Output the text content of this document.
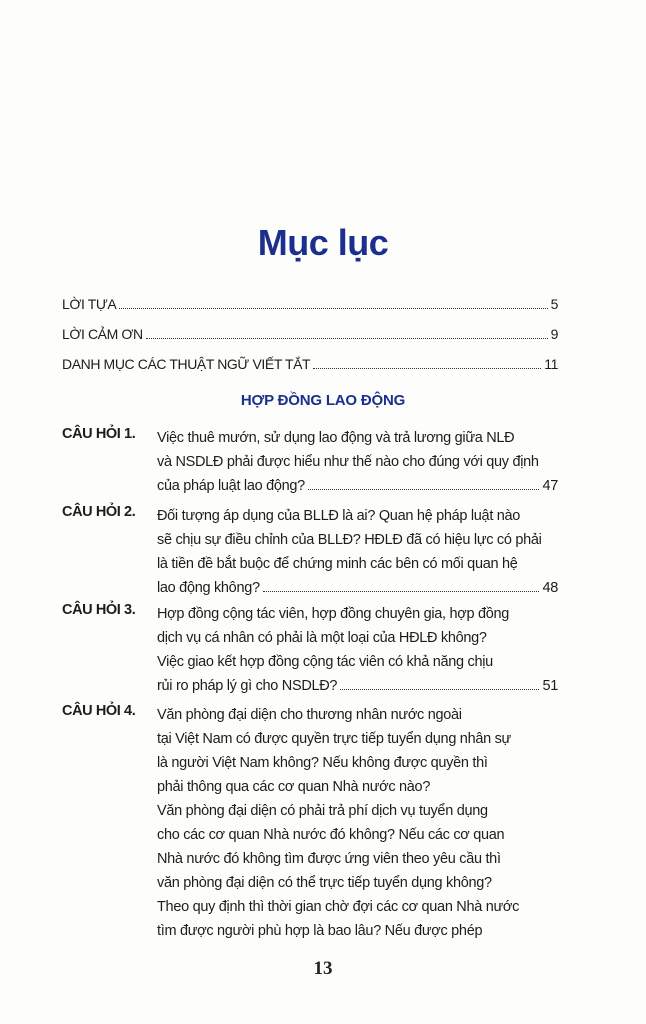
Mục lục
LỜI TỰA	5
LỜI CẢM ƠN	9
DANH MỤC CÁC THUẬT NGỮ VIẾT TẮT	11
HỢP ĐỒNG LAO ĐỘNG
CÂU HỎI 1. Việc thuê mướn, sử dụng lao động và trả lương giữa NLĐ
và NSDLĐ phải được hiểu như thế nào cho đúng với quy định
của pháp luật lao động?	47
CÂU HỎI 2. Đối tượng áp dụng của BLLĐ là ai? Quan hệ pháp luật nào
sẽ chịu sự điều chỉnh của BLLĐ? HĐLĐ đã có hiệu lực có phải
là tiền đề bắt buộc để chứng minh các bên có mối quan hệ
lao động không?	48
CÂU HỎI 3. Hợp đồng cộng tác viên, hợp đồng chuyên gia, hợp đồng
dịch vụ cá nhân có phải là một loại của HĐLĐ không?
Việc giao kết hợp đồng cộng tác viên có khả năng chịu
rủi ro pháp lý gì cho NSDLĐ?	51
CÂU HỎI 4. Văn phòng đại diện cho thương nhân nước ngoài
tại Việt Nam có được quyền trực tiếp tuyển dụng nhân sự
là người Việt Nam không? Nếu không được quyền thì
phải thông qua các cơ quan Nhà nước nào?
Văn phòng đại diện có phải trả phí dịch vụ tuyển dụng
cho các cơ quan Nhà nước đó không? Nếu các cơ quan
Nhà nước đó không tìm được ứng viên theo yêu cầu thì
văn phòng đại diện có thể trực tiếp tuyển dụng không?
Theo quy định thì thời gian chờ đợi các cơ quan Nhà nước
tìm được người phù hợp là bao lâu? Nếu được phép
13
